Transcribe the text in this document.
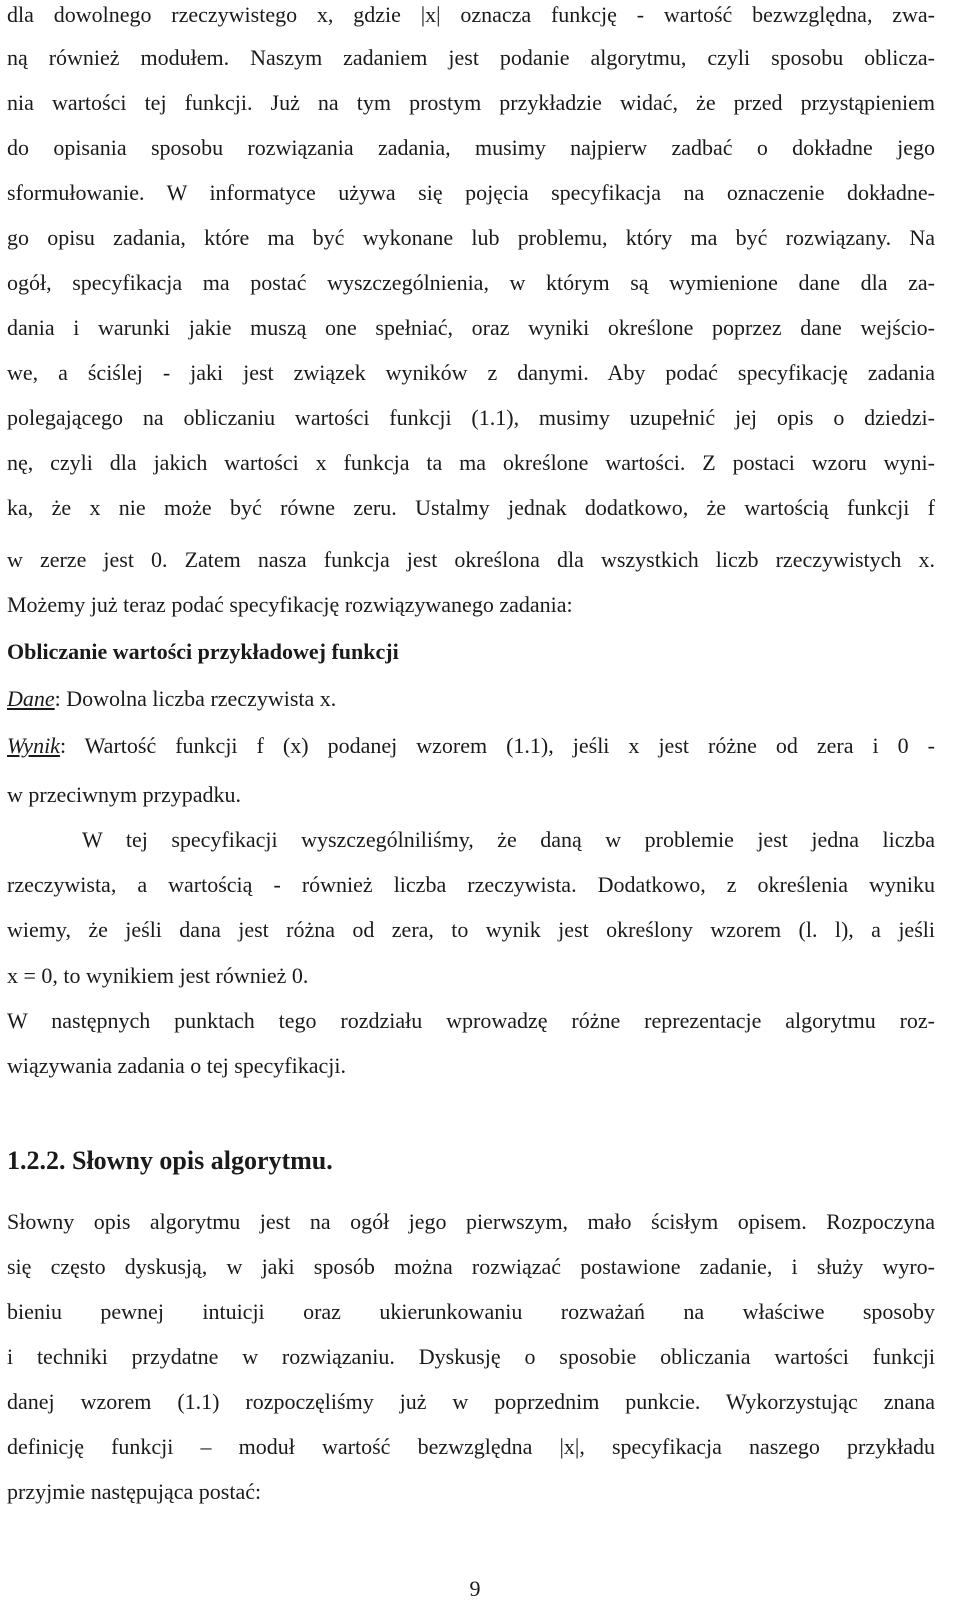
dla dowolnego rzeczywistego x, gdzie |x| oznacza funkcję - wartość bezwzględna, zwa-
ną również modułem. Naszym zadaniem jest podanie algorytmu, czyli sposobu oblicza-
nia wartości tej funkcji. Już na tym prostym przykładzie widać, że przed przystąpieniem
do opisania sposobu rozwiązania zadania, musimy najpierw zadbać o dokładne jego
sformułowanie. W informatyce używa się pojęcia specyfikacja na oznaczenie dokładne-
go opisu zadania, które ma być wykonane lub problemu, który ma być rozwiązany. Na
ogół, specyfikacja ma postać wyszczególnienia, w którym są wymienione dane dla za-
dania i warunki jakie muszą one spełniać, oraz wyniki określone poprzez dane wejścio-
we, a ściślej - jaki jest związek wyników z danymi. Aby podać specyfikację zadania
polegającego na obliczaniu wartości funkcji (1.1), musimy uzupełnić jej opis o dziedzi-
nę, czyli dla jakich wartości x funkcja ta ma określone wartości. Z postaci wzoru wyni-
ka, że x nie może być równe zeru. Ustalmy jednak dodatkowo, że wartością funkcji f
w zerze jest 0. Zatem nasza funkcja jest określona dla wszystkich liczb rzeczywistych x.
Możemy już teraz podać specyfikację rozwiązywanego zadania:
Obliczanie wartości przykładowej funkcji
Dane: Dowolna liczba rzeczywista x.
Wynik: Wartość funkcji f (x) podanej wzorem (1.1), jeśli x jest różne od zera i 0 -
w przeciwnym przypadku.
W tej specyfikacji wyszczególniliśmy, że daną w problemie jest jedna liczba
rzeczywista, a wartością - również liczba rzeczywista. Dodatkowo, z określenia wyniku
wiemy, że jeśli dana jest różna od zera, to wynik jest określony wzorem (l. l), a jeśli
x = 0, to wynikiem jest również 0.
W następnych punktach tego rozdziału wprowadzę różne reprezentacje algorytmu roz-
wiązywania zadania o tej specyfikacji.
1.2.2. Słowny opis algorytmu.
Słowny opis algorytmu jest na ogół jego pierwszym, mało ścisłym opisem. Rozpoczyna
się często dyskusją, w jaki sposób można rozwiązać postawione zadanie, i służy wyro-
bieniu pewnej intuicji oraz ukierunkowaniu rozważań na właściwe sposoby
i techniki przydatne w rozwiązaniu. Dyskusję o sposobie obliczania wartości funkcji
danej wzorem (1.1) rozpoczęliśmy już w poprzednim punkcie. Wykorzystując znana
definicję funkcji – moduł wartość bezwzględna |x|, specyfikacja naszego przykładu
przyjmie następująca postać:
9
